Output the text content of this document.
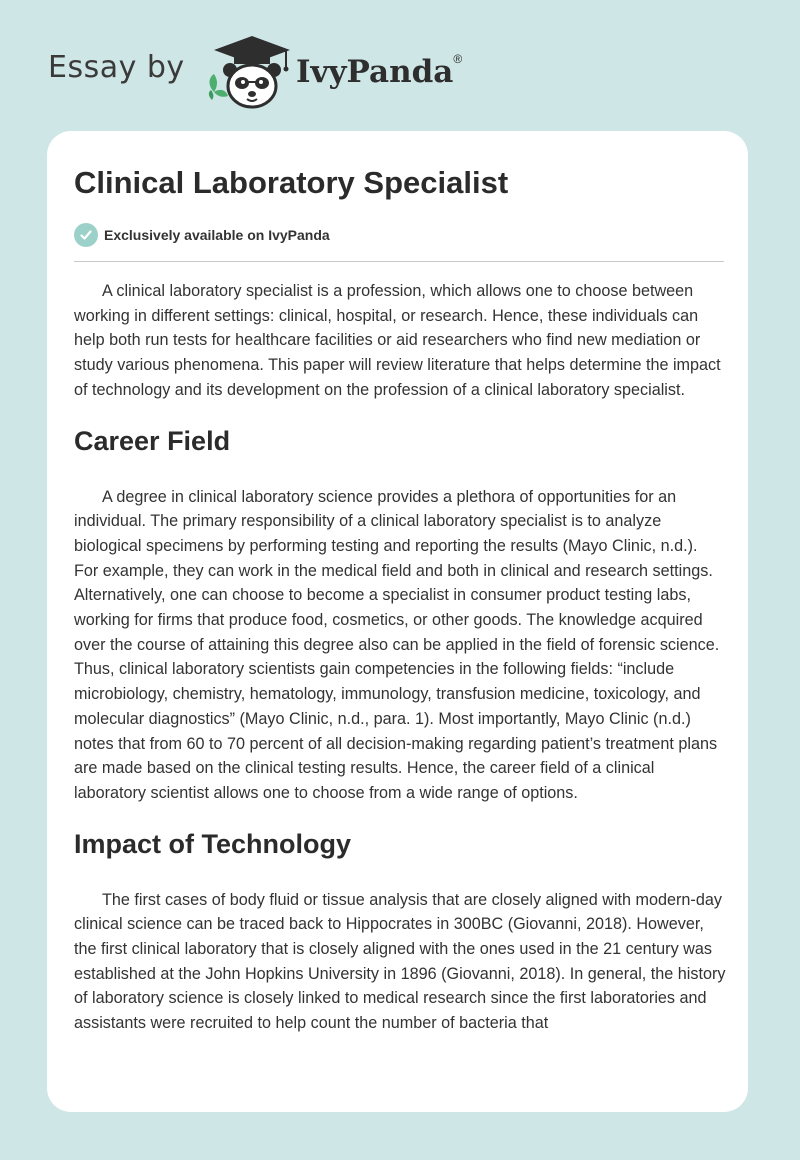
Essay by	IvyPanda®
Clinical Laboratory Specialist
Exclusively available on IvyPanda

A clinical laboratory specialist is a profession, which allows one to choose between working in different settings: clinical, hospital, or research. Hence, these individuals can help both run tests for healthcare facilities or aid researchers who find new mediation or study various phenomena. This paper will review literature that helps determine the impact of technology and its development on the profession of a clinical laboratory specialist.

Career Field

A degree in clinical laboratory science provides a plethora of opportunities for an individual. The primary responsibility of a clinical laboratory specialist is to analyze biological specimens by performing testing and reporting the results (Mayo Clinic, n.d.). For example, they can work in the medical field and both in clinical and research settings. Alternatively, one can choose to become a specialist in consumer product testing labs, working for firms that produce food, cosmetics, or other goods. The knowledge acquired over the course of attaining this degree also can be applied in the field of forensic science. Thus, clinical laboratory scientists gain competencies in the following fields: “include microbiology, chemistry, hematology, immunology, transfusion medicine, toxicology, and molecular diagnostics” (Mayo Clinic, n.d., para. 1). Most importantly, Mayo Clinic (n.d.) notes that from 60 to 70 percent of all decision-making regarding patient’s treatment plans are made based on the clinical testing results. Hence, the career field of a clinical laboratory scientist allows one to choose from a wide range of options.

Impact of Technology

The first cases of body fluid or tissue analysis that are closely aligned with modern-day clinical science can be traced back to Hippocrates in 300BC (Giovanni, 2018). However, the first clinical laboratory that is closely aligned with the ones used in the 21 century was established at the John Hopkins University in 1896 (Giovanni, 2018). In general, the history of laboratory science is closely linked to medical research since the first laboratories and assistants were recruited to help count the number of bacteria that
